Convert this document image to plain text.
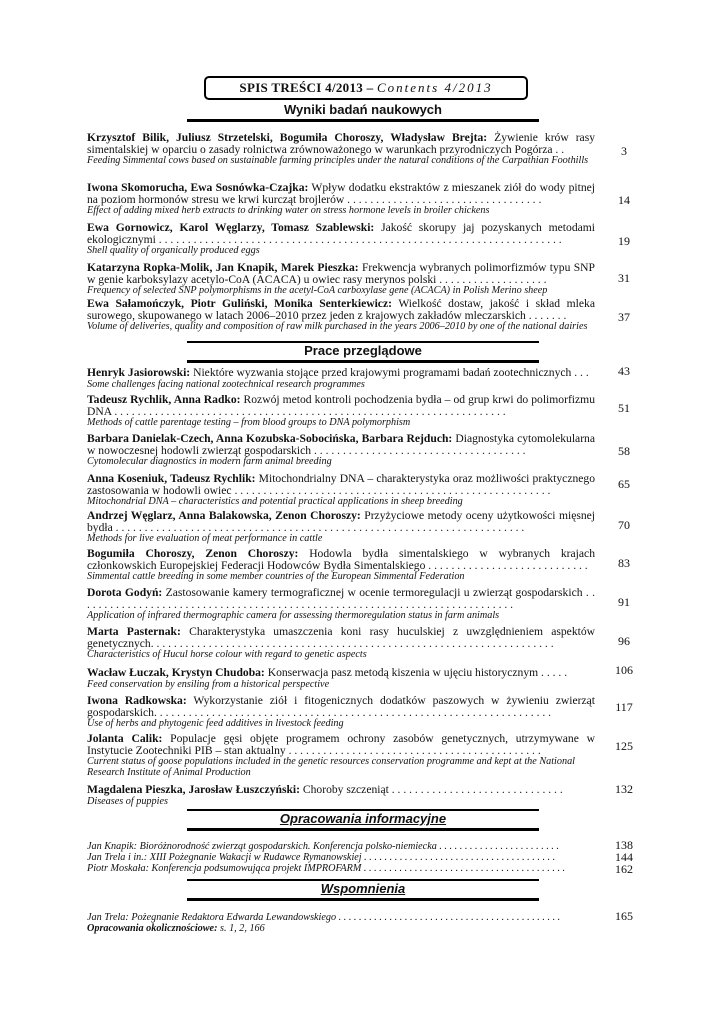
SPIS TREŚCI 4/2013 – Contents 4/2013
Wyniki badań naukowych
Krzysztof Bilik, Juliusz Strzetelski, Bogumiła Choroszy, Władysław Brejta: Żywienie krów rasy simentalskiej w oparciu o zasady rolnictwa zrównoważonego w warunkach przyrodniczych Pogórza . .
Feeding Simmental cows based on sustainable farming principles under the natural conditions of the Carpathian Foothills
3
Iwona Skomorucha, Ewa Sosnówka-Czajka: Wpływ dodatku ekstraktów z mieszanek ziół do wody pitnej na poziom hormonów stresu we krwi kurcząt brojlerów . . . . . . . . . . . . . . . . . . . . . . . . . . . . . . . . . .
Effect of adding mixed herb extracts to drinking water on stress hormone levels in broiler chickens
14
Ewa Gornowicz, Karol Węglarzy, Tomasz Szablewski: Jakość skorupy jaj pozyskanych metodami ekologicznymi . . . . . . . . . . . . . . . . . . . . . . . . . . . . . . . . . . . . . . . . . . . . . . . . . . . . . . . . . . . . . . . . . . . . . .
Shell quality of organically produced eggs
19
Katarzyna Ropka-Molik, Jan Knapik, Marek Pieszka: Frekwencja wybranych polimorfizmów typu SNP w genie karboksylazy acetylo-CoA (ACACA) u owiec rasy merynos polski . . . . . . . . . . . . . . . . . . .
Frequency of selected SNP polymorphisms in the acetyl-CoA carboxylase gene (ACACA) in Polish Merino sheep
31
Ewa Sałamończyk, Piotr Guliński, Monika Senterkiewicz: Wielkość dostaw, jakość i skład mleka surowego, skupowanego w latach 2006–2010 przez jeden z krajowych zakładów mleczarskich . . . . . . .
Volume of deliveries, quality and composition of raw milk purchased in the years 2006–2010 by one of the national dairies
37
Prace przeglądowe
Henryk Jasiorowski: Niektóre wyzwania stojące przed krajowymi programami badań zootechnicznych . . .
Some challenges facing national zootechnical research programmes
43
Tadeusz Rychlik, Anna Radko: Rozwój metod kontroli pochodzenia bydła – od grup krwi do polimorfizmu DNA . . . . . . . . . . . . . . . . . . . . . . . . . . . . . . . . . . . . . . . . . . . . . . . . . . . . . . . . . . . . . . . . . . . .
Methods of cattle parentage testing – from blood groups to DNA polymorphism
51
Barbara Danielak-Czech, Anna Kozubska-Sobocińska, Barbara Rejduch: Diagnostyka cytomolekularna w nowoczesnej hodowli zwierząt gospodarskich . . . . . . . . . . . . . . . . . . . . . . . . . . . . . . . . . . . . .
Cytomolecular diagnostics in modern farm animal breeding
58
Anna Koseniuk, Tadeusz Rychlik: Mitochondrialny DNA – charakterystyka oraz możliwości praktycznego zastosowania w hodowli owiec . . . . . . . . . . . . . . . . . . . . . . . . . . . . . . . . . . . . . . . . . . . . . . . . . . . . . . .
Mitochondrial DNA – characteristics and potential practical applications in sheep breeding
65
Andrzej Węglarz, Anna Balakowska, Zenon Choroszy: Przyżyciowe metody oceny użytkowości mięsnej bydła . . . . . . . . . . . . . . . . . . . . . . . . . . . . . . . . . . . . . . . . . . . . . . . . . . . . . . . . . . . . . . . . . . . . . . .
Methods for live evaluation of meat performance in cattle
70
Bogumiła Choroszy, Zenon Choroszy: Hodowla bydła simentalskiego w wybranych krajach członkowskich Europejskiej Federacji Hodowców Bydła Simentalskiego . . . . . . . . . . . . . . . . . . . . . . . . . . . .
Simmental cattle breeding in some member countries of the European Simmental Federation
83
Dorota Godyń: Zastosowanie kamery termograficznej w ocenie termoregulacji u zwierząt gospodarskich . . . . . . . . . . . . . . . . . . . . . . . . . . . . . . . . . . . . . . . . . . . . . . . . . . . . . . . . . . . . . . . . . . . . . . . . . . . .
Application of infrared thermographic camera for assessing thermoregulation status in farm animals
91
Marta Pasternak: Charakterystyka umaszczenia koni rasy huculskiej z uwzględnieniem aspektów genetycznych. . . . . . . . . . . . . . . . . . . . . . . . . . . . . . . . . . . . . . . . . . . . . . . . . . . . . . . . . . . . . . . . . . . . . .
Characteristics of Hucul horse colour with regard to genetic aspects
96
Wacław Łuczak, Krystyn Chudoba: Konserwacja pasz metodą kiszenia w ujęciu historycznym . . . . .
Feed conservation by ensiling from a historical perspective
106
Iwona Radkowska: Wykorzystanie ziół i fitogenicznych dodatków paszowych w żywieniu zwierząt gospodarskich. . . . . . . . . . . . . . . . . . . . . . . . . . . . . . . . . . . . . . . . . . . . . . . . . . . . . . . . . . . . . . . . . . . . .
Use of herbs and phytogenic feed additives in livestock feeding
117
Jolanta Calik: Populacje gęsi objęte programem ochrony zasobów genetycznych, utrzymywane w Instytucie Zootechniki PIB – stan aktualny . . . . . . . . . . . . . . . . . . . . . . . . . . . . . . . . . . . . . . . . . . . .
Current status of goose populations included in the genetic resources conservation programme and kept at the National Research Institute of Animal Production
125
Magdalena Pieszka, Jarosław Łuszczyński: Choroby szczeniąt . . . . . . . . . . . . . . . . . . . . . . . . . . . . . .
Diseases of puppies
132
Opracowania informacyjne
Jan Knapik: Bioróżnorodność zwierząt gospodarskich. Konferencja polsko-niemiecka . . . . . . . . . . . . . . . . . . . . . . . .	138
Jan Trela i in.: XIII Pożegnanie Wakacji w Rudawce Rymanowskiej . . . . . . . . . . . . . . . . . . . . . . . . . . . . . . . . . . . . . .	144
Piotr Moskała: Konferencja podsumowująca projekt IMPROFARM . . . . . . . . . . . . . . . . . . . . . . . . . . . . . . . . . . . . . . . .	162
Wspomnienia
Jan Trela: Pożegnanie Redaktora Edwarda Lewandowskiego . . . . . . . . . . . . . . . . . . . . . . . . . . . . . . . . . . . . . . . . . . . .	165
Opracowania okolicznościowe: s. 1, 2, 166
